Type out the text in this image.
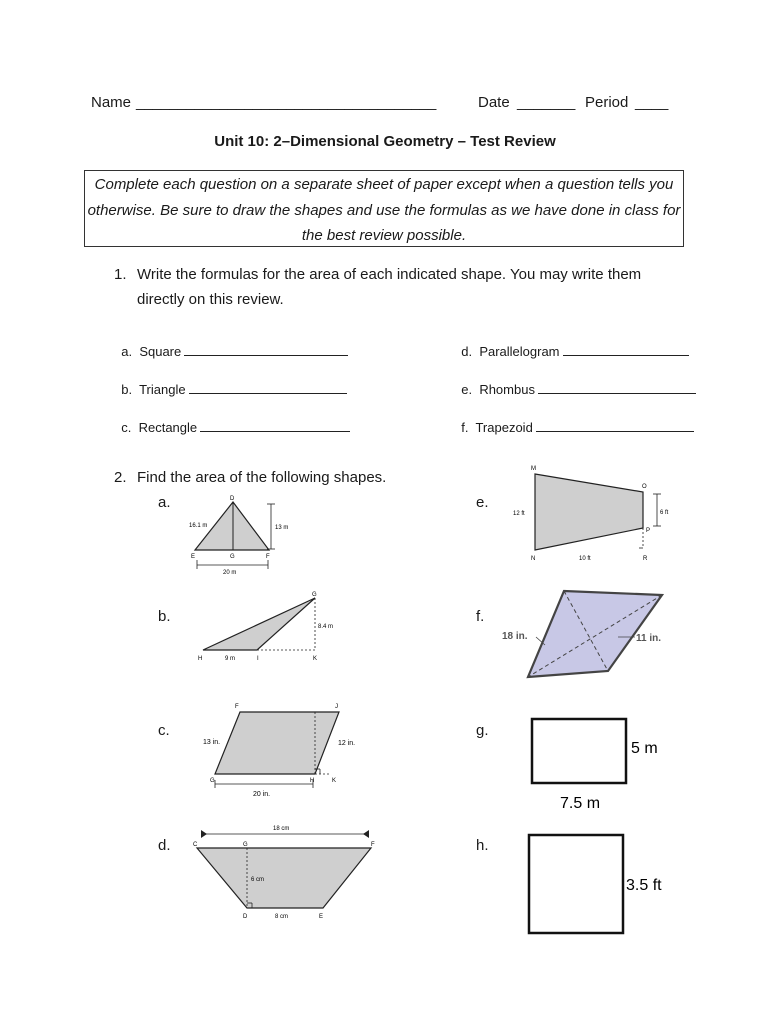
Name ____________________________________	Date _______ Period ____
Unit 10: 2–Dimensional Geometry – Test Review
Complete each question on a separate sheet of paper except when a question tells you otherwise. Be sure to draw the shapes and use the formulas as we have done in class for the best review possible.
1. Write the formulas for the area of each indicated shape. You may write them directly on this review.

a. Square

b. Triangle

c. Rectangle

d. Parallelogram

e. Rhombus

f. Trapezoid

2. Find the area of the following shapes.
a.
b.
c.
d.
e.
f.
g.
h.
D
E	G	F
16.1 m	13 m
20 m
G
H	I	K
8.4 m
9 m
F	J
G	H	K
13 in.	12 in.
20 in.
18 cm
C	G	F
D	E
6 cm
8 cm
M
O
P
N	R
12 ft	6 ft
10 ft
18 in.	11 in.
5 m
7.5 m
3.5 ft
